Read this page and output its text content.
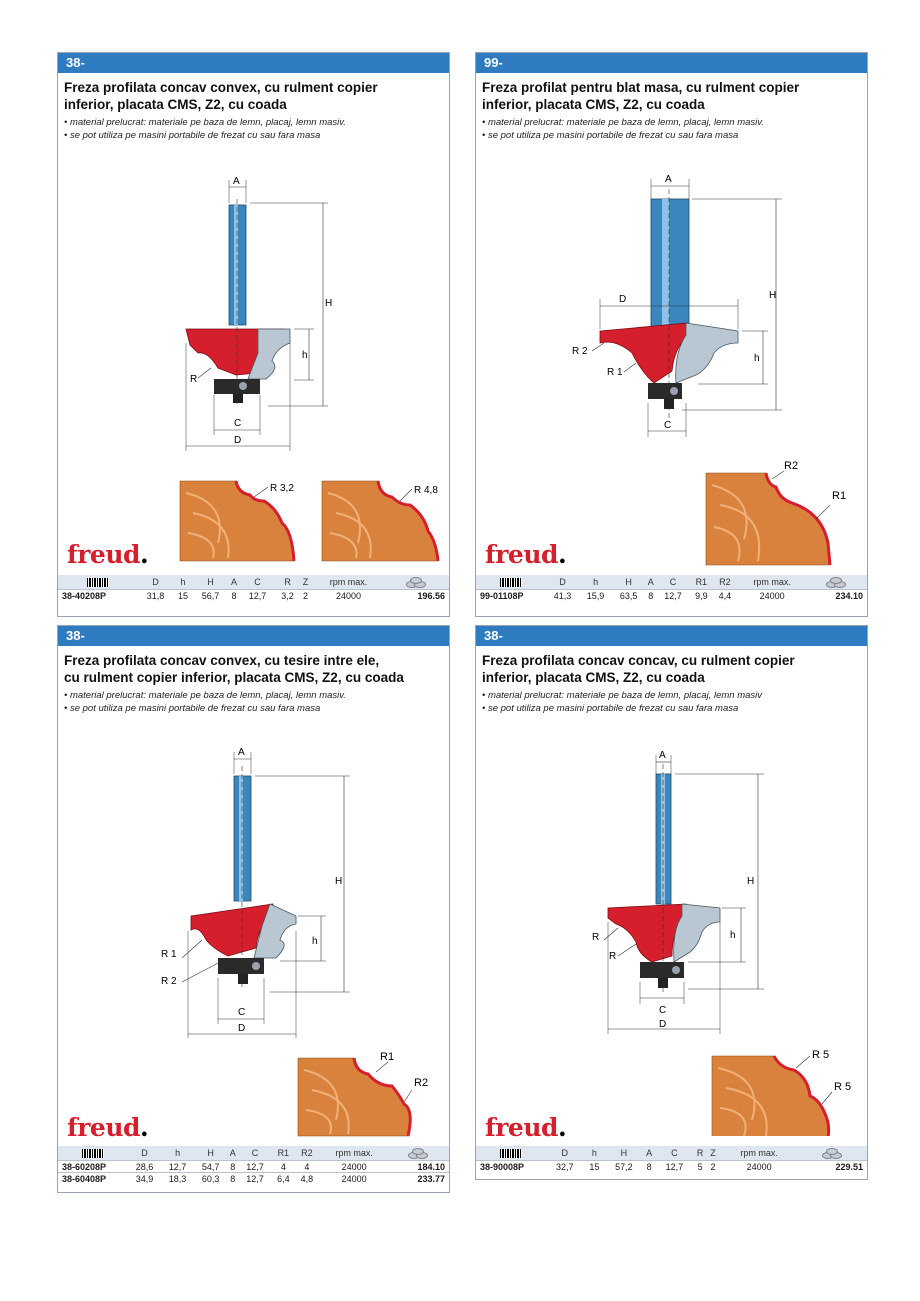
38-
Freza profilata concav convex, cu rulment copier
inferior, placata CMS, Z2, cu coada
• material prelucrat: materiale pe baza de lemn, placaj, lemn masiv.
• se pot utiliza pe masini portabile de frezat cu sau fara masa
A
H
h
C
D
R
R 3,2	R 4,8
freud.
	D	h	H	A	C	R	Z	rpm max.	

38-40208P	31,8	15	56,7	8	12,7	3,2	2	24000	196.56
99-
Freza profilat pentru blat masa, cu rulment copier
inferior, placata CMS, Z2, cu coada
• material prelucrat: materiale pe baza de lemn, placaj, lemn masiv.
• se pot utiliza pe masini portabile de frezat cu sau fara masa
A
H
D
h
C
R 2
R 1
R2
R1
freud.
	D	h	H	A	C	R1	R2	rpm max.	

99-01108P	41,3	15,9	63,5	8	12,7	9,9	4,4	24000	234.10
38-
Freza profilata concav convex, cu tesire intre ele,
cu rulment copier inferior, placata CMS, Z2, cu coada
• material prelucrat: materiale pe baza de lemn, placaj, lemn masiv.
• se pot utiliza pe masini portabile de frezat cu sau fara masa
A
H
h
C
D
R 1
R 2
R1
R2
freud.
	D	h	H	A	C	R1	R2	rpm max.	

38-60208P	28,6	12,7	54,7	8	12,7	4	4	24000	184.10
38-60408P	34,9	18,3	60,3	8	12,7	6,4	4,8	24000	233.77
38-
Freza profilata concav concav, cu rulment copier
inferior, placata CMS, Z2, cu coada
• material prelucrat: materiale pe baza de lemn, placaj, lemn masiv
• se pot utiliza pe masini portabile de frezat cu sau fara masa
A
H
h
C
D
R
R
R 5
R 5
freud.
	D	h	H	A	C	R	Z	rpm max.	

38-90008P	32,7	15	57,2	8	12,7	5	2	24000	229.51
